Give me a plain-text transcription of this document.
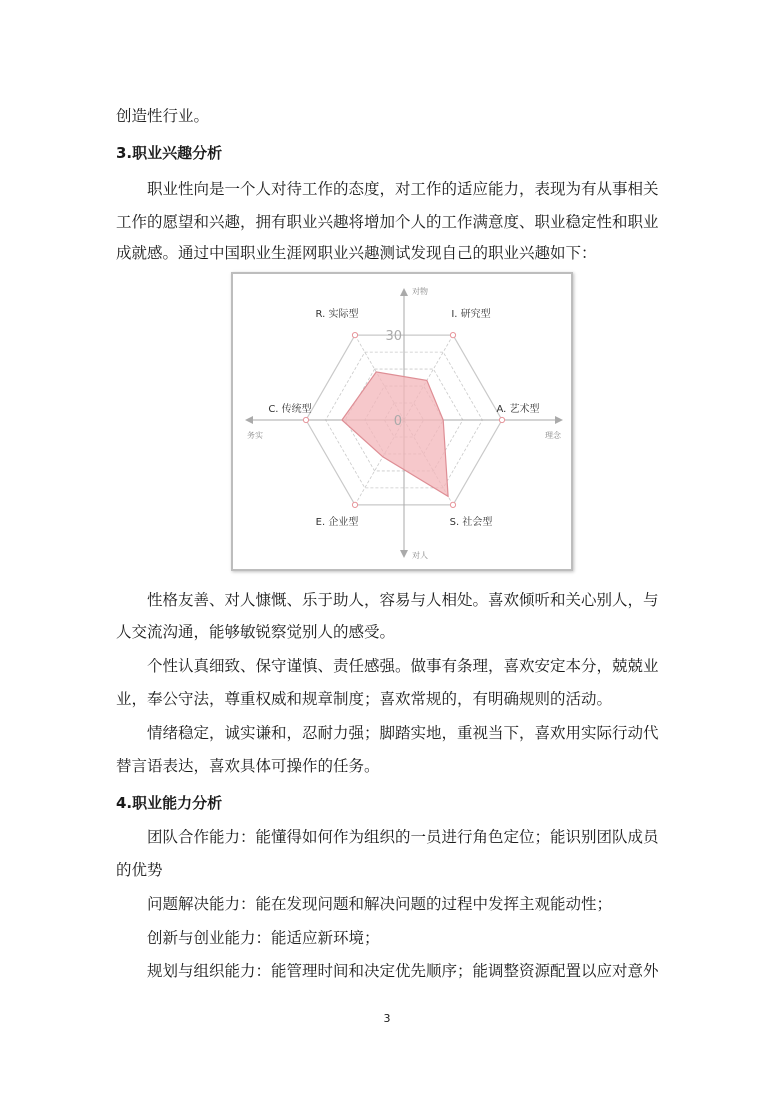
创造性行业。
3.职业兴趣分析
职业性向是一个人对待工作的态度，对工作的适应能力，表现为有从事相关
工作的愿望和兴趣，拥有职业兴趣将增加个人的工作满意度、职业稳定性和职业
成就感。通过中国职业生涯网职业兴趣测试发现自己的职业兴趣如下：
R. 实际型	I. 研究型
A. 艺术型
S. 社会型
E. 企业型
C. 传统型
30
0
对物
对人
务实	理念
性格友善、对人慷慨、乐于助人，容易与人相处。喜欢倾听和关心别人，与
人交流沟通，能够敏锐察觉别人的感受。
个性认真细致、保守谨慎、责任感强。做事有条理，喜欢安定本分，兢兢业
业，奉公守法，尊重权威和规章制度；喜欢常规的，有明确规则的活动。
情绪稳定，诚实谦和，忍耐力强；脚踏实地，重视当下，喜欢用实际行动代
替言语表达，喜欢具体可操作的任务。
4.职业能力分析
团队合作能力：能懂得如何作为组织的一员进行角色定位；能识别团队成员
的优势
问题解决能力：能在发现问题和解决问题的过程中发挥主观能动性；
创新与创业能力：能适应新环境；
规划与组织能力：能管理时间和决定优先顺序；能调整资源配置以应对意外
3
